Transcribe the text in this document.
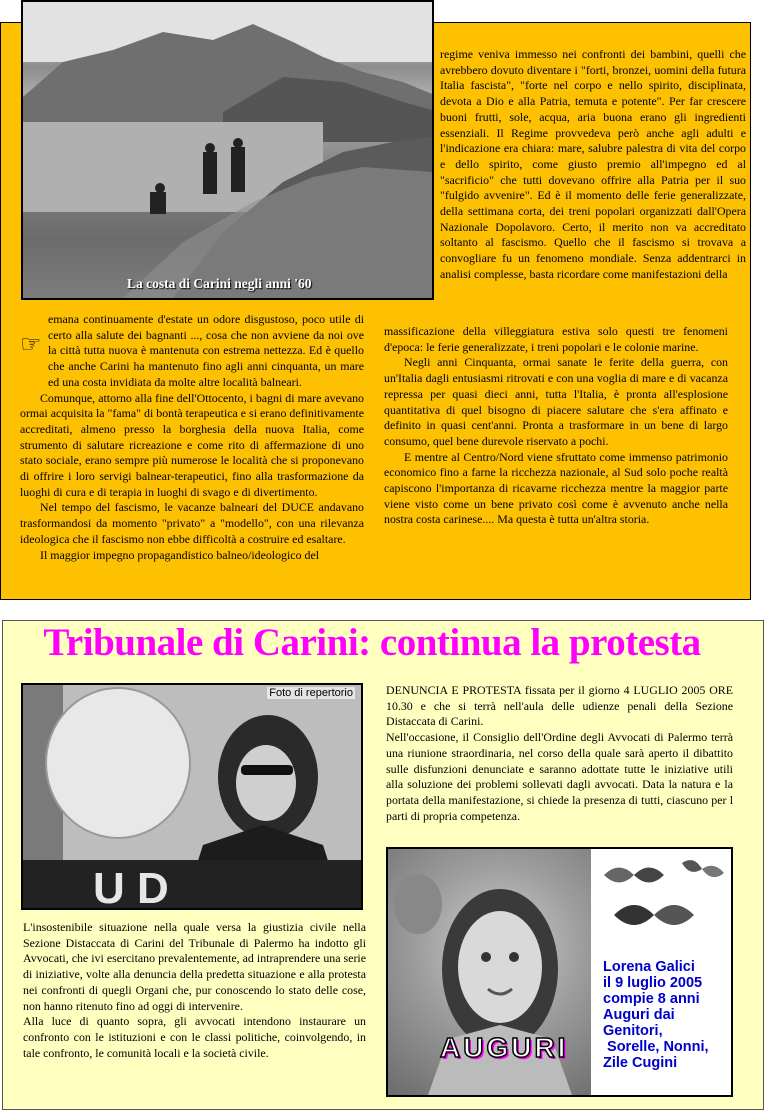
La costa di Carini negli anni '60

regime veniva immesso nei confronti dei bambini, quelli che avrebbero dovuto diventare i "forti, bronzei, uomini della futura Italia fascista", "forte nel corpo e nello spirito, disciplinata, devota a Dio e alla Patria, temuta e potente". Per far crescere buoni frutti, sole, acqua, aria buona erano gli ingredienti essenziali. Il Regime provvedeva però anche agli adulti e l'indicazione era chiara: mare, salubre palestra di vita del corpo e dello spirito, come giusto premio all'impegno ed al "sacrificio" che tutti dovevano offrire alla Patria per il suo "fulgido avvenire". Ed è il momento delle ferie generalizzate, della settimana corta, dei treni popolari organizzati dall'Opera Nazionale Dopolavoro. Certo, il merito non va accreditato soltanto al fascismo. Quello che il fascismo si trovava a convogliare fu un fenomeno mondiale. Senza addentrarci in analisi complesse, basta ricordare come manifestazioni della

☞

emana continuamente d'estate un odore disgustoso, poco utile di certo alla salute dei bagnanti ..., cosa che non avviene da noi ove la città tutta nuova è mantenuta con estrema nettezza. Ed è quello che anche Carini ha mantenuto fino agli anni cinquanta, un mare ed una costa invidiata da molte altre località balneari.

Comunque, attorno alla fine dell'Ottocento, i bagni di mare avevano ormai acquisita la "fama" di bontà terapeutica e si erano definitivamente accreditati, almeno presso la borghesia della nuova Italia, come strumento di salutare ricreazione e come rito di affermazione di uno stato sociale, erano sempre più numerose le località che si proponevano di offrire i loro servigi balnear-terapeutici, fino alla trasformazione da luoghi di cura e di terapia in luoghi di svago e di divertimento.

Nel tempo del fascismo, le vacanze balneari del DUCE andavano trasformandosi da momento "privato" a "modello", con una rilevanza ideologica che il fascismo non ebbe difficoltà a costruire ed esaltare.

Il maggior impegno propagandistico balneo/ideologico del

massificazione della villeggiatura estiva solo questi tre fenomeni d'epoca: le ferie generalizzate, i treni popolari e le colonie marine.

Negli anni Cinquanta, ormai sanate le ferite della guerra, con un'Italia dagli entusiasmi ritrovati e con una voglia di mare e di vacanza repressa per quasi dieci anni, tutta l'Italia, è pronta all'esplosione quantitativa di quel bisogno di piacere salutare che s'era affinato e definito in quasi cent'anni. Pronta a trasformare in un bene di largo consumo, quel bene durevole riservato a pochi.

E mentre al Centro/Nord viene sfruttato come immenso patrimonio economico fino a farne la ricchezza nazionale, al Sud solo poche realtà capiscono l'importanza di ricavarne ricchezza mentre la maggior parte viene visto come un bene privato così come è avvenuto anche nella nostra costa carinese.... Ma questa è tutta un'altra storia.

Tribunale di Carini: continua la protesta
U D
Foto di repertorio	DENUNCIA E PROTESTA fissata per il giorno 4 LUGLIO 2005 ORE 10.30 e che si terrà nell'aula delle udienze penali della Sezione Distaccata di Carini.

Nell'occasione, il Consiglio dell'Ordine degli Avvocati di Palermo terrà una riunione straordinaria, nel corso della quale sarà aperto il dibattito sulle disfunzioni denunciate e saranno adottate tutte le iniziative utili alla soluzione dei problemi sollevati dagli avvocati. Data la natura e la portata della manifestazione, si chiede la presenza di tutti, ciascuno per l parti di propria competenza.

L'insostenibile situazione nella quale versa la giustizia civile nella Sezione Distaccata di Carini del Tribunale di Palermo ha indotto gli Avvocati, che ivi esercitano prevalentemente, ad intraprendere una serie di iniziative, volte alla denuncia della predetta situazione e alla protesta nei confronti di quegli Organi che, pur conoscendo lo stato delle cose, non hanno ritenuto fino ad oggi di intervenire.

Alla luce di quanto sopra, gli avvocati intendono instaurare un confronto con le istituzioni e con le classi politiche, coinvolgendo, in tale confronto, le comunità locali e la società civile.	AUGURI
Lorena Galici
il 9 luglio 2005
compie 8 anni
Auguri dai
Genitori,
Sorelle, Nonni,
Zile Cugini
